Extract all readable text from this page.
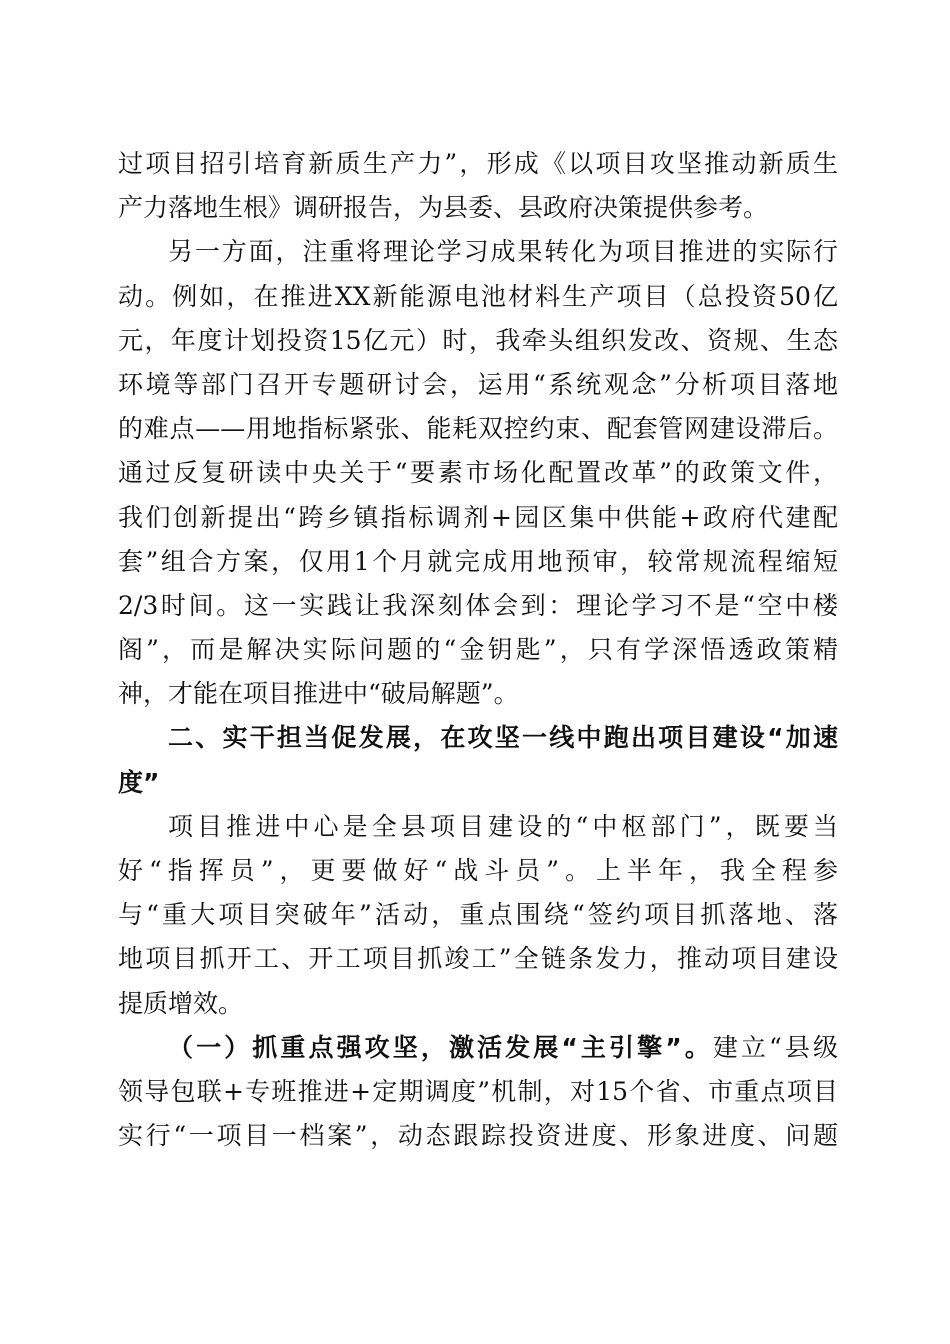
过项目招引培育新质生产力”，形成《以项目攻坚推动新质生
产力落地生根》调研报告，为县委、县政府决策提供参考。
另一方面，注重将理论学习成果转化为项目推进的实际行
动。例如，在推进XX新能源电池材料生产项目（总投资50亿
元，年度计划投资15亿元）时，我牵头组织发改、资规、生态
环境等部门召开专题研讨会，运用“系统观念”分析项目落地
的难点——用地指标紧张、能耗双控约束、配套管网建设滞后。
通过反复研读中央关于“要素市场化配置改革”的政策文件，
我们创新提出“跨乡镇指标调剂+园区集中供能+政府代建配
套”组合方案，仅用1个月就完成用地预审，较常规流程缩短
2/3时间。这一实践让我深刻体会到：理论学习不是“空中楼
阁”，而是解决实际问题的“金钥匙”，只有学深悟透政策精
神，才能在项目推进中“破局解题”。
二、实干担当促发展，在攻坚一线中跑出项目建设“加速
度”
项目推进中心是全县项目建设的“中枢部门”，既要当
好“指挥员”，更要做好“战斗员”。上半年，我全程参
与“重大项目突破年”活动，重点围绕“签约项目抓落地、落
地项目抓开工、开工项目抓竣工”全链条发力，推动项目建设
提质增效。
（一）抓重点强攻坚，激活发展“主引擎”。建立“县级
领导包联+专班推进+定期调度”机制，对15个省、市重点项目
实行“一项目一档案”，动态跟踪投资进度、形象进度、问题
